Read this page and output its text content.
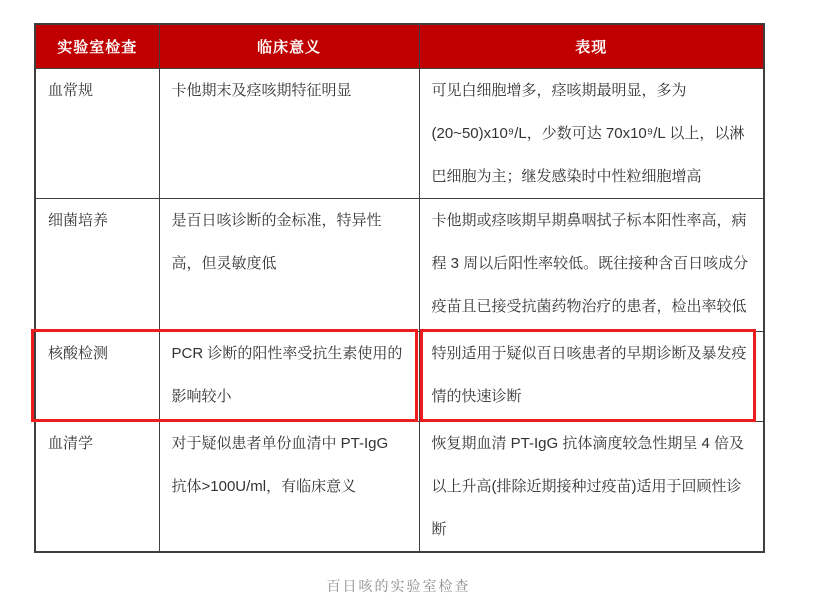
实验室检查	临床意义	表现
血常规	卡他期末及痉咳期特征明显	可见白细胞增多，痉咳期最明显，多为(20~50)x10⁹/L，少数可达 70x10⁹/L 以上，以淋巴细胞为主；继发感染时中性粒细胞增高
细菌培养	是百日咳诊断的金标准，特异性高，但灵敏度低	卡他期或痉咳期早期鼻咽拭子标本阳性率高，病程 3 周以后阳性率较低。既往接种含百日咳成分疫苗且已接受抗菌药物治疗的患者，检出率较低
核酸检测	PCR 诊断的阳性率受抗生素使用的影响较小	特别适用于疑似百日咳患者的早期诊断及暴发疫情的快速诊断
血清学	对于疑似患者单份血清中 PT-IgG 抗体>100U/ml，有临床意义	恢复期血清 PT-IgG 抗体滴度较急性期呈 4 倍及以上升高(排除近期接种过疫苗)适用于回顾性诊断
百日咳的实验室检查
